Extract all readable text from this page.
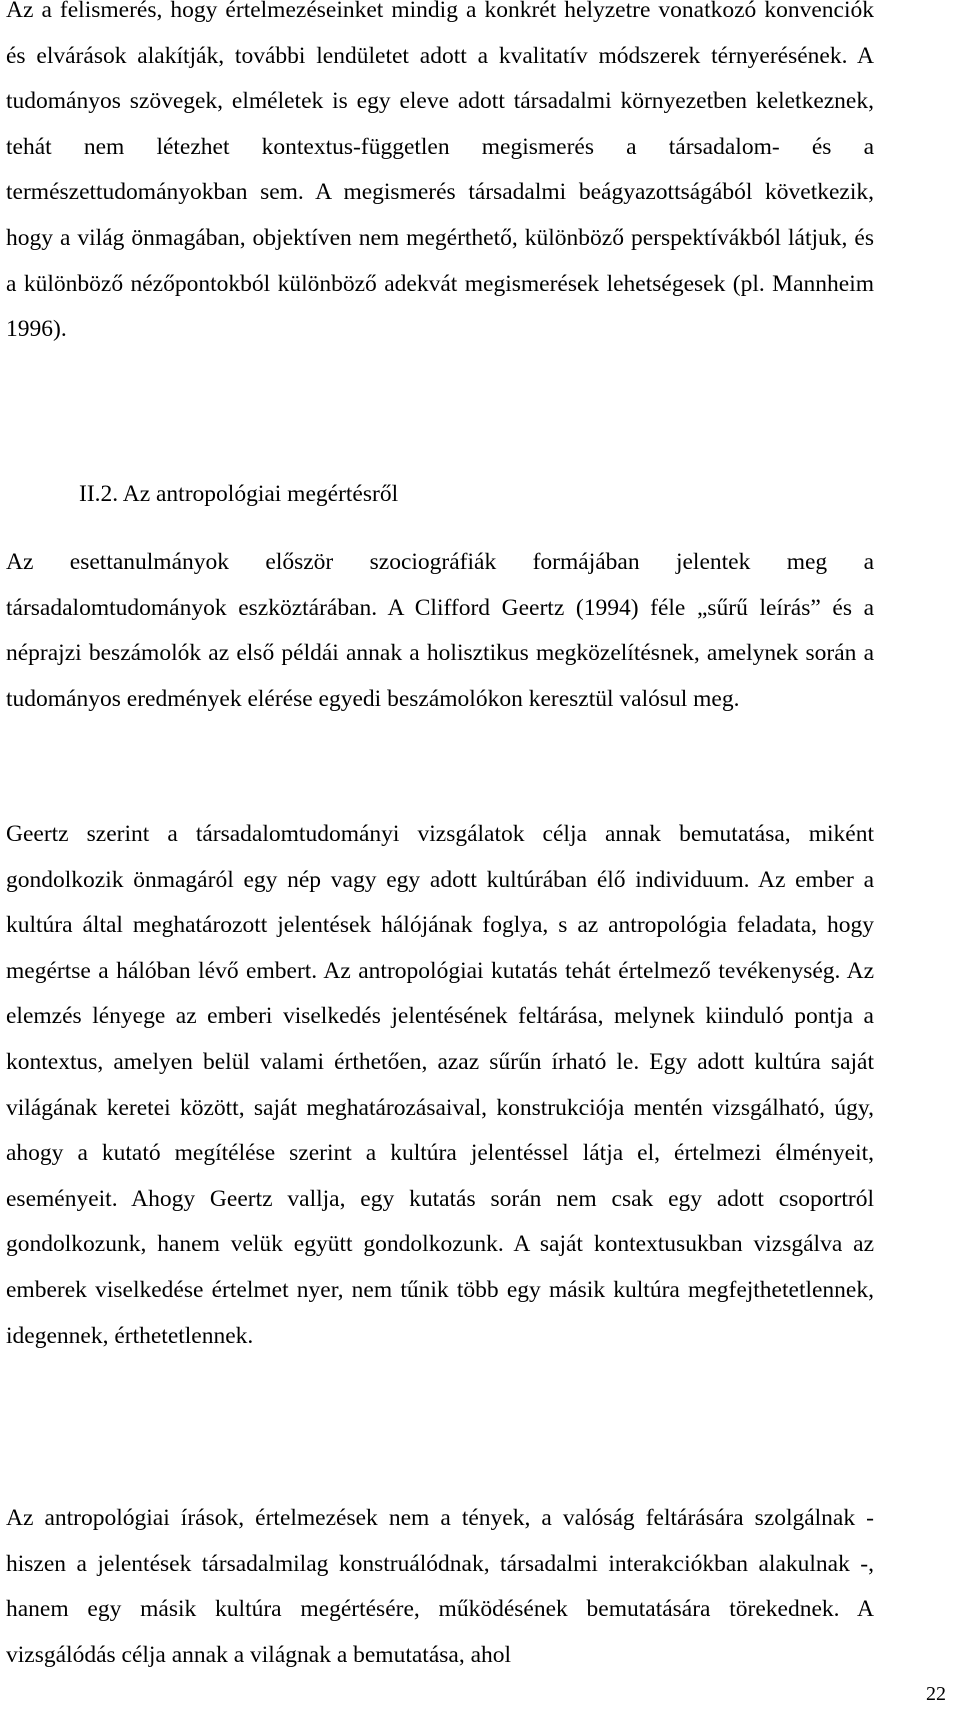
Az a felismerés, hogy értelmezéseinket mindig a konkrét helyzetre vonatkozó konvenciók és elvárások alakítják, további lendületet adott a kvalitatív módszerek térnyerésének. A tudományos szövegek, elméletek is egy eleve adott társadalmi környezetben keletkeznek, tehát nem létezhet kontextus-független megismerés a társadalom- és a természettudományokban sem. A megismerés társadalmi beágyazottságából következik, hogy a világ önmagában, objektíven nem megérthető, különböző perspektívákból látjuk, és a különböző nézőpontokból különböző adekvát megismerések lehetségesek (pl. Mannheim 1996).

II.2. Az antropológiai megértésről

Az esettanulmányok először szociográfiák formájában jelentek meg a társadalomtudományok eszköztárában. A Clifford Geertz (1994) féle „sűrű leírás” és a néprajzi beszámolók az első példái annak a holisztikus megközelítésnek, amelynek során a tudományos eredmények elérése egyedi beszámolókon keresztül valósul meg.

Geertz szerint a társadalomtudományi vizsgálatok célja annak bemutatása, miként gondolkozik önmagáról egy nép vagy egy adott kultúrában élő individuum. Az ember a kultúra által meghatározott jelentések hálójának foglya, s az antropológia feladata, hogy megértse a hálóban lévő embert. Az antropológiai kutatás tehát értelmező tevékenység. Az elemzés lényege az emberi viselkedés jelentésének feltárása, melynek kiinduló pontja a kontextus, amelyen belül valami érthetően, azaz sűrűn írható le. Egy adott kultúra saját világának keretei között, saját meghatározásaival, konstrukciója mentén vizsgálható, úgy, ahogy a kutató megítélése szerint a kultúra jelentéssel látja el, értelmezi élményeit, eseményeit. Ahogy Geertz vallja, egy kutatás során nem csak egy adott csoportról gondolkozunk, hanem velük együtt gondolkozunk. A saját kontextusukban vizsgálva az emberek viselkedése értelmet nyer, nem tűnik több egy másik kultúra megfejthetetlennek, idegennek, érthetetlennek.

Az antropológiai írások, értelmezések nem a tények, a valóság feltárására szolgálnak - hiszen a jelentések társadalmilag konstruálódnak, társadalmi interakciókban alakulnak -, hanem egy másik kultúra megértésére, működésének bemutatására törekednek. A vizsgálódás célja annak a világnak a bemutatása, ahol

22
